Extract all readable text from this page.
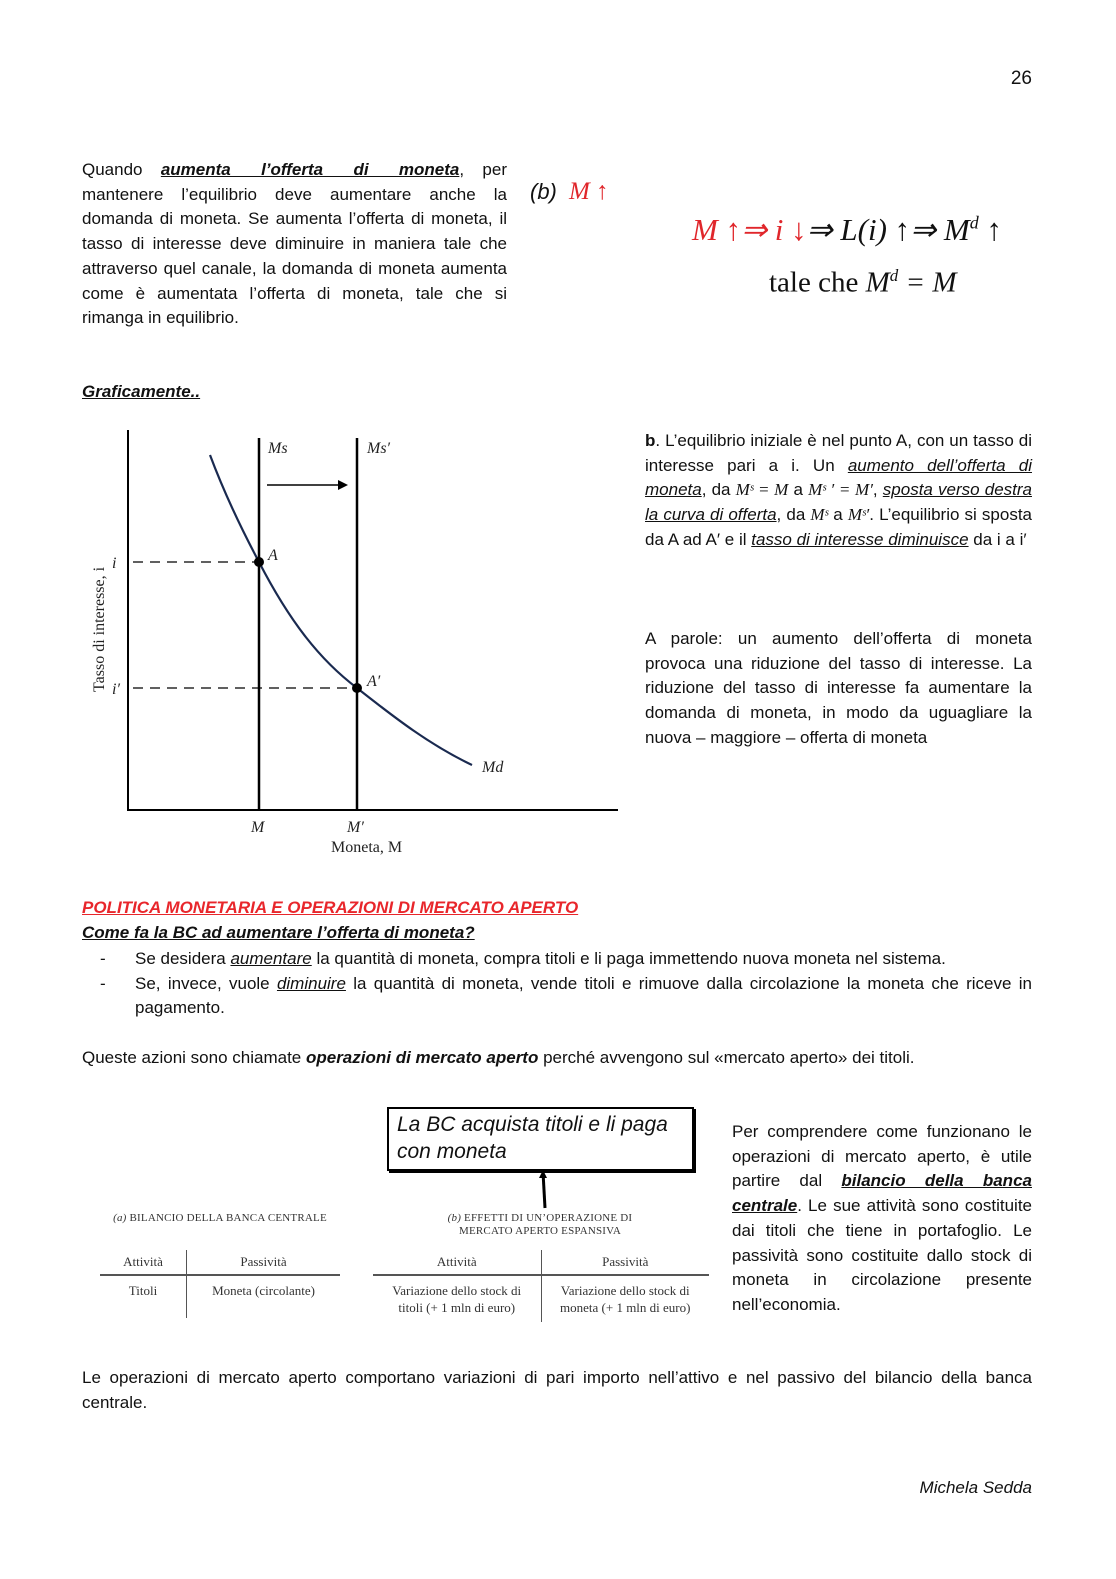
26
Quando aumenta l’offerta di moneta, per mantenere l’equilibrio deve aumentare anche la domanda di moneta. Se aumenta l’offerta di moneta, il tasso di interesse deve diminuire in maniera tale che attraverso quel canale, la domanda di moneta aumenta come è aumentata l’offerta di moneta, tale che si rimanga in equilibrio.
(b) M ↑
M ↑⇒ i ↓⇒ L(i) ↑⇒ $M^d$ ↑
tale che $M^d = M$
Graficamente..
Ms	Ms′
Md
A
A′
i
i′
M	M′
Moneta, M
Tasso di interesse, i
b. L’equilibrio iniziale è nel punto A, con un tasso di interesse pari a i. Un aumento dell’offerta di moneta, da Mˢ = M a Mˢ ′ = M′, sposta verso destra la curva di offerta, da Mˢ a Mˢ′. L’equilibrio si sposta da A ad A′ e il tasso di interesse diminuisce da i a i′
A parole: un aumento dell’offerta di moneta provoca una riduzione del tasso di interesse. La riduzione del tasso di interesse fa aumentare la domanda di moneta, in modo da uguagliare la nuova – maggiore – offerta di moneta
POLITICA MONETARIA E OPERAZIONI DI MERCATO APERTO
Come fa la BC ad aumentare l’offerta di moneta?
- Se desidera aumentare la quantità di moneta, compra titoli e li paga immettendo nuova moneta nel sistema.
- Se, invece, vuole diminuire la quantità di moneta, vende titoli e rimuove dalla circolazione la moneta che riceve in pagamento.
Queste azioni sono chiamate operazioni di mercato aperto perché avvengono sul «mercato aperto» dei titoli.
La BC acquista titoli e li paga con moneta
(a) BILANCIO DELLA BANCA CENTRALE
Attività	Passività
Titoli	Moneta (circolante)
(b) EFFETTI DI UN’OPERAZIONE DI MERCATO APERTO ESPANSIVA
Attività	Passività
Variazione dello stock di titoli (+ 1 mln di euro)	Variazione dello stock di moneta (+ 1 mln di euro)
Per comprendere come funzionano le operazioni di mercato aperto, è utile partire dal bilancio della banca centrale. Le sue attività sono costituite dai titoli che tiene in portafoglio. Le passività sono costituite dallo stock di moneta in circolazione presente nell’economia.
Le operazioni di mercato aperto comportano variazioni di pari importo nell’attivo e nel passivo del bilancio della banca centrale.
Michela Sedda
